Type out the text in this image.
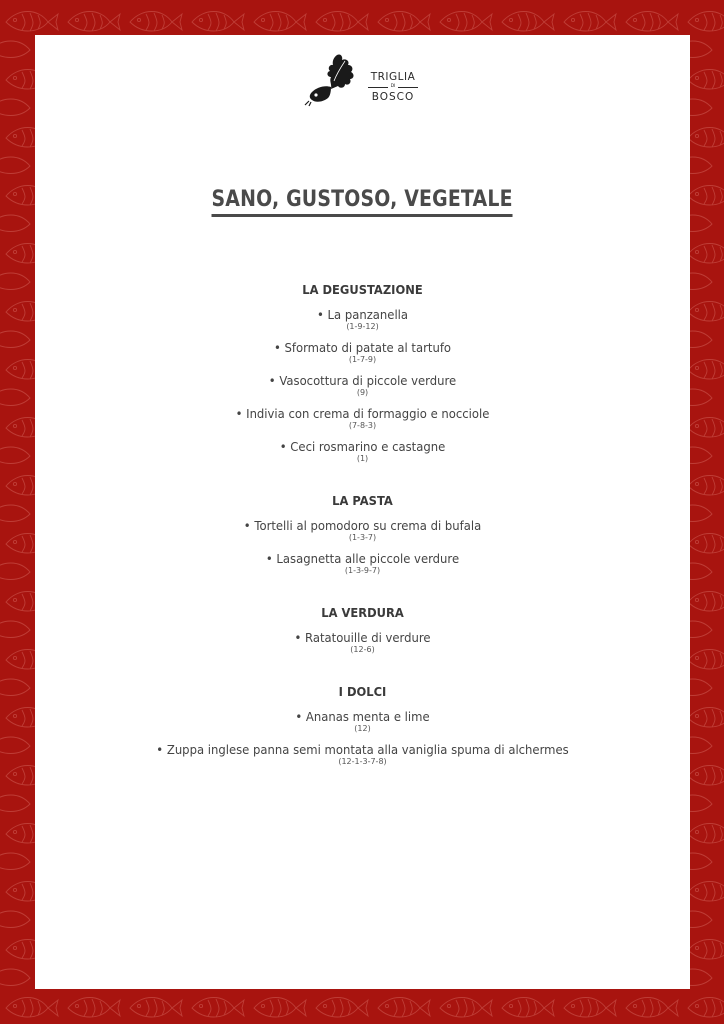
TRIGLIA
DI
BOSCO
SANO, GUSTOSO, VEGETALE
LA DEGUSTAZIONE
• La panzanella
(1-9-12)
• Sformato di patate al tartufo
(1-7-9)
• Vasocottura di piccole verdure
(9)
• Indivia con crema di formaggio e nocciole
(7-8-3)
• Ceci rosmarino e castagne
(1)
LA PASTA
• Tortelli al pomodoro su crema di bufala
(1-3-7)
• Lasagnetta alle piccole verdure
(1-3-9-7)
LA VERDURA
• Ratatouille di verdure
(12-6)
I DOLCI
• Ananas menta e lime
(12)
• Zuppa inglese panna semi montata alla vaniglia spuma di alchermes
(12-1-3-7-8)
